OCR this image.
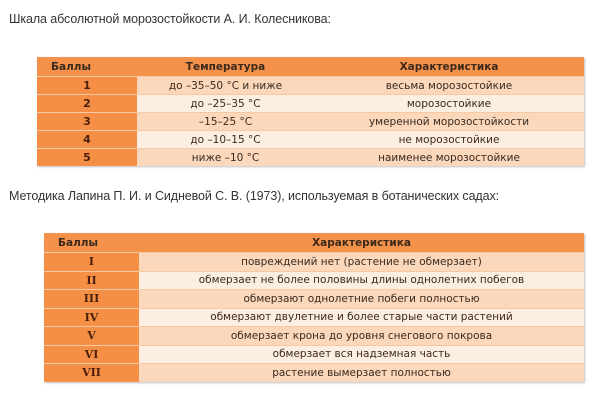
Шкала абсолютной морозостойкости А. И. Колесникова:
Баллы	Температура	Характеристика
1	до –35–50 °С и ниже	весьма морозостойкие
2	до –25–35 °С	морозостойкие
3	–15–25 °С	умеренной морозостойкости
4	до –10–15 °С	не морозостойкие
5	ниже –10 °С	наименее морозостойкие
Методика Лапина П. И. и Сидневой С. В. (1973), используемая в ботанических садах:
Баллы	Характеристика
I	повреждений нет (растение не обмерзает)
II	обмерзает не более половины длины однолетних побегов
III	обмерзают однолетние побеги полностью
IV	обмерзают двулетние и более старые части растений
V	обмерзает крона до уровня снегового покрова
VI	обмерзает вся надземная часть
VII	растение вымерзает полностью
